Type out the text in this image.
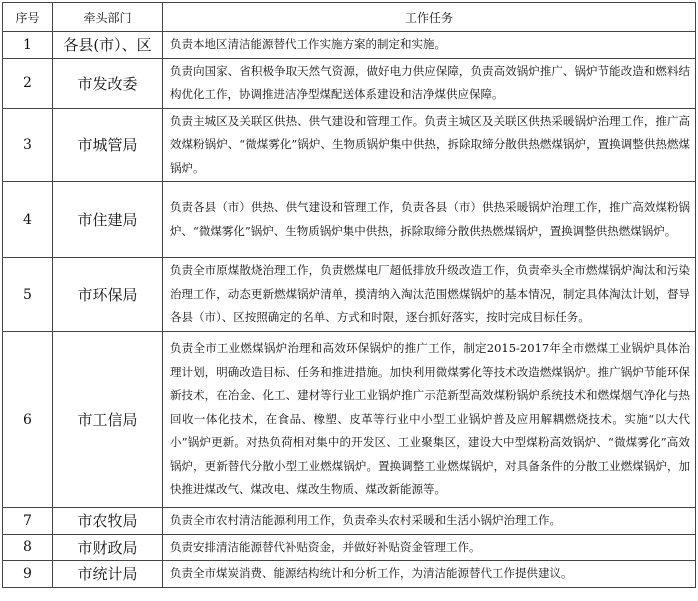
序号	牵头部门	工作任务
1	各县(市）、区	负责本地区清洁能源替代工作实施方案的制定和实施。
2	市发改委	负责向国家、省积极争取天然气资源，做好电力供应保障，负责高效锅炉推广、锅炉节能改造和燃料结构优化工作，协调推进洁净型煤配送体系建设和洁净煤供应保障。
3	市城管局	负责主城区及关联区供热、供气建设和管理工作。负责主城区及关联区供热采暖锅炉治理工作，推广高效煤粉锅炉、“微煤雾化”锅炉、生物质锅炉集中供热，拆除取缔分散供热燃煤锅炉，置换调整供热燃煤锅炉。
4	市住建局	负责各县（市）供热、供气建设和管理工作，负责各县（市）供热采暖锅炉治理工作，推广高效煤粉锅炉、“微煤雾化”锅炉、生物质锅炉集中供热，拆除取缔分散供热燃煤锅炉，置换调整供热燃煤锅炉。
5	市环保局	负责全市原煤散烧治理工作，负责燃煤电厂超低排放升级改造工作，负责牵头全市燃煤锅炉淘汰和污染治理工作，动态更新燃煤锅炉清单，摸清纳入淘汰范围燃煤锅炉的基本情况，制定具体淘汰计划，督导各县（市）、区按照确定的名单、方式和时限，逐台抓好落实，按时完成目标任务。
6	市工信局	负责全市工业燃煤锅炉治理和高效环保锅炉的推广工作，制定2015-2017年全市燃煤工业锅炉具体治理计划，明确改造目标、任务和推进措施。加快利用微煤雾化等技术改造燃煤锅炉。推广锅炉节能环保新技术，在冶金、化工、建材等行业工业锅炉推广示范新型高效煤粉锅炉系统技术和燃煤烟气净化与热回收一体化技术，在食品、橡塑、皮革等行业中小型工业锅炉普及应用解耦燃烧技术。实施“以大代小”锅炉更新。对热负荷相对集中的开发区、工业聚集区，建设大中型煤粉高效锅炉、“微煤雾化”高效锅炉，更新替代分散小型工业燃煤锅炉。置换调整工业燃煤锅炉，对具备条件的分散工业燃煤锅炉，加快推进煤改气、煤改电、煤改生物质、煤改新能源等。
7	市农牧局	负责全市农村清洁能源利用工作，负责牵头农村采暖和生活小锅炉治理工作。
8	市财政局	负责安排清洁能源替代补贴资金，并做好补贴资金管理工作。
9	市统计局	负责全市煤炭消费、能源结构统计和分析工作，为清洁能源替代工作提供建议。
